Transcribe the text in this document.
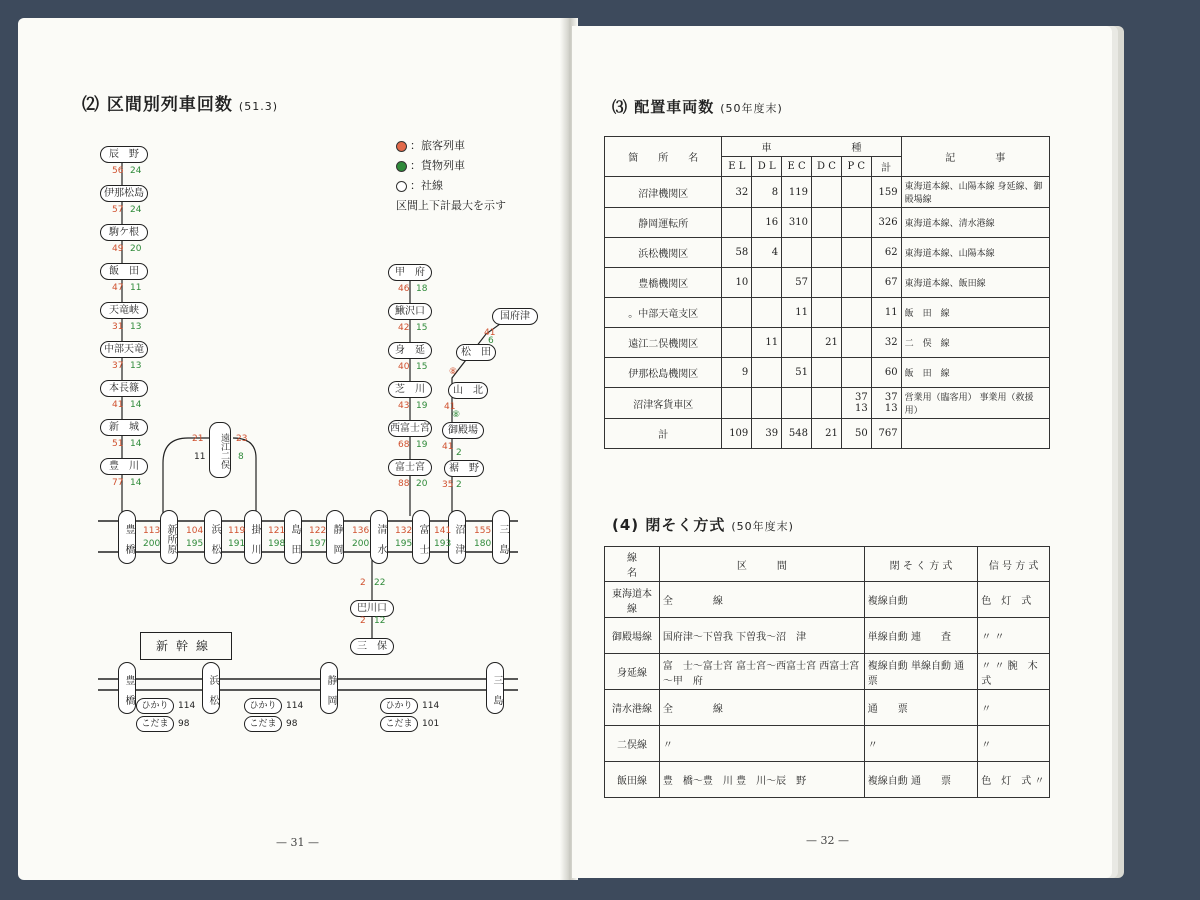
⑵ 区間別列車回数 (51.3)
：旅客列車
：貨物列車
：社線
区間上下計最大を示す
辰　野
56 24
伊那松島
57 24
駒ケ根
49 20
飯　田
47 11
天竜峡
31 13
中部天竜
37 13
本長篠
41 14
新　城
51 14
豊　川
77 14
甲　府
46 18
鰍沢口
42 15
身　延
40 15
芝　川
43 19
西富士宮
68 19
富士宮
88 20
国府津
松　田
山　北
御殿場
裾　野
41
6
⑧
41
⑧
41
2
35 2
豊　橋	新所原	浜　松	掛　川	島　田	静　岡	清　水	富　士	沼　津	三　島
113
200
104
195
119
191
121
198
122
197
136
200
132
195
141
193
155
180
巴川口
2 22
三　保
2 12
遠江二俣
21
11
23
8
新幹線
豊　橋	浜　松	静　岡	三　島
ひかり	114
こだま	98
ひかり	114
こだま	98
ひかり	114
こだま	101
— 31 —
⑶ 配置車両数 (50年度末)
箇　　所　　名	車　　　　　　　　種						記　　　　事
	E L	D L	E C	D C	P C	計	
沼津機関区	32	8	119			159	東海道本線、山陽本線 身延線、御殿場線
静岡運転所		16	310			326	東海道本線、清水港線
浜松機関区	58	4				62	東海道本線、山陽本線
豊橋機関区	10		57			67	東海道本線、飯田線
。中部天竜支区			11			11	飯　田　線
遠江二俣機関区		11		21		32	二　俣　線
伊那松島機関区	9		51			60	飯　田　線
沼津客貨車区					37 13	37 13	営業用（臨客用） 事業用（救援用）
計	109	39	548	21	50	767	
(4) 閉そく方式 (50年度末)
線　　　名	区　　　間	閉 そ く 方 式	信 号 方 式
東海道本線	全　　　　線	複線自動	色　灯　式
御殿場線	国府津～下曽我 下曽我～沼　津	単線自動 連　　査	〃 〃
身延線	富　士～富士宮 富士宮～西富士宮 西富士宮～甲　府	複線自動 単線自動 通　　票	〃 〃 腕　木　式
清水港線	全　　　　線	通　　票	〃
二俣線	〃	〃	〃
飯田線	豊　橋～豊　川 豊　川～辰　野	複線自動 通　　票	色　灯　式 〃
— 32 —
